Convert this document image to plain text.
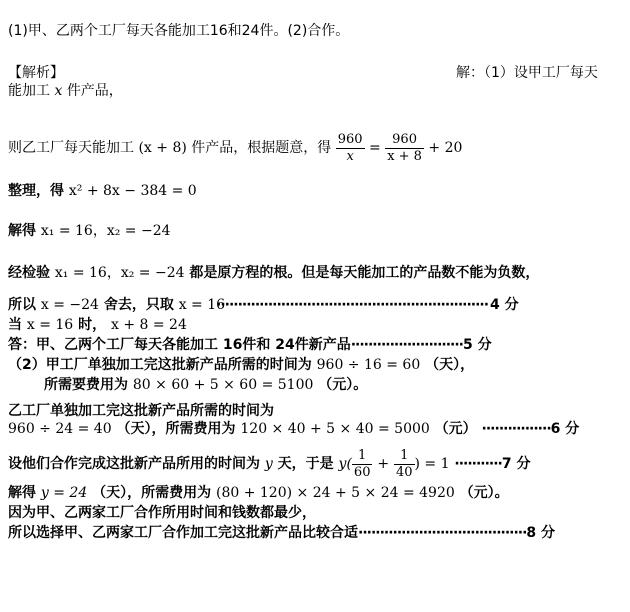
(1)甲、乙两个工厂每天各能加工16和24件。(2)合作。
【解析】	解：（1）设甲工厂每天
能加工 x 件产品，
则乙工厂每天能加工 (x + 8) 件产品，根据题意，得 $\frac{960}{x} = \frac{960}{x + 8} + 20$
整理，得 x² + 8x − 384 = 0
解得 x₁ = 16，x₂ = −24
经检验 x₁ = 16，x₂ = −24 都是原方程的根。但是每天能加工的产品数不能为负数，
所以 x = −24 舍去，只取 x = 16
······························································· 4 分
当 x = 16 时， x + 8 = 24
答：甲、乙两个工厂每天各能加工 16件和 24件新产品··························5 分
（2）甲工厂单独加工完这批新产品所需的时间为 960 ÷ 16 = 60 （天），
所需要费用为 80 × 60 + 5 × 60 = 5100 （元）。
乙工厂单独加工完这批新产品所需的时间为
960 ÷ 24 = 40 （天），所需费用为 120 × 40 + 5 × 40 = 5000 （元） ················6 分
设他们合作完成这批新产品所用的时间为 y 天，于是 $y( \frac{1}{60} + \frac{1}{40}$ ) = 1 ···········7 分
解得 y = 24 （天），所需费用为 (80 + 120) × 24 + 5 × 24 = 4920 （元）。
因为甲、乙两家工厂合作所用时间和钱数都最少，
所以选择甲、乙两家工厂合作加工完这批新产品比较合适·······································8 分
